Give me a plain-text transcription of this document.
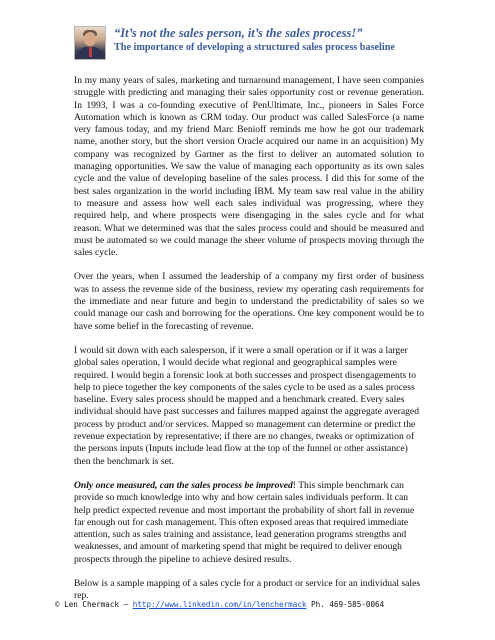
“It’s not the sales person, it’s the sales process!”
The importance of developing a structured sales process baseline

In my many years of sales, marketing and turnaround management, I have seen companies struggle with predicting and managing their sales opportunity cost or revenue generation. In 1993, I was a co-founding executive of PenUltimate, Inc., pioneers in Sales Force Automation which is known as CRM today. Our product was called SalesForce (a name very famous today, and my friend Marc Benioff reminds me how he got our trademark name, another story, but the short version Oracle acquired our name in an acquisition) My company was recognized by Gartner as the first to deliver an automated solution to managing opportunities. We saw the value of managing each opportunity as its own sales cycle and the value of developing baseline of the sales process. I did this for some of the best sales organization in the world including IBM. My team saw real value in the ability to measure and assess how well each sales individual was progressing, where they required help, and where prospects were disengaging in the sales cycle and for what reason. What we determined was that the sales process could and should be measured and must be automated so we could manage the sheer volume of prospects moving through the sales cycle.

Over the years, when I assumed the leadership of a company my first order of business was to assess the revenue side of the business, review my operating cash requirements for the immediate and near future and begin to understand the predictability of sales so we could manage our cash and borrowing for the operations. One key component would be to have some belief in the forecasting of revenue.

I would sit down with each salesperson, if it were a small operation or if it was a larger global sales operation, I would decide what regional and geographical samples were required. I would begin a forensic look at both successes and prospect disengagements to help to piece together the key components of the sales cycle to be used as a sales process baseline. Every sales process should be mapped and a benchmark created. Every sales individual should have past successes and failures mapped against the aggregate averaged process by product and/or services. Mapped so management can determine or predict the revenue expectation by representative; if there are no changes, tweaks or optimization of the persons inputs (Inputs include lead flow at the top of the funnel or other assistance) then the benchmark is set.

Only once measured, can the sales process be improved! This simple benchmark can provide so much knowledge into why and how certain sales individuals perform. It can help predict expected revenue and most important the probability of short fall in revenue far enough out for cash management. This often exposed areas that required immediate attention, such as sales training and assistance, lead generation programs strengths and weaknesses, and amount of marketing spend that might be required to deliver enough prospects through the pipeline to achieve desired results.

Below is a sample mapping of a sales cycle for a product or service for an individual sales rep.

© Len Chermack – http://www.linkedin.com/in/lenchermack Ph. 469-585-0064
